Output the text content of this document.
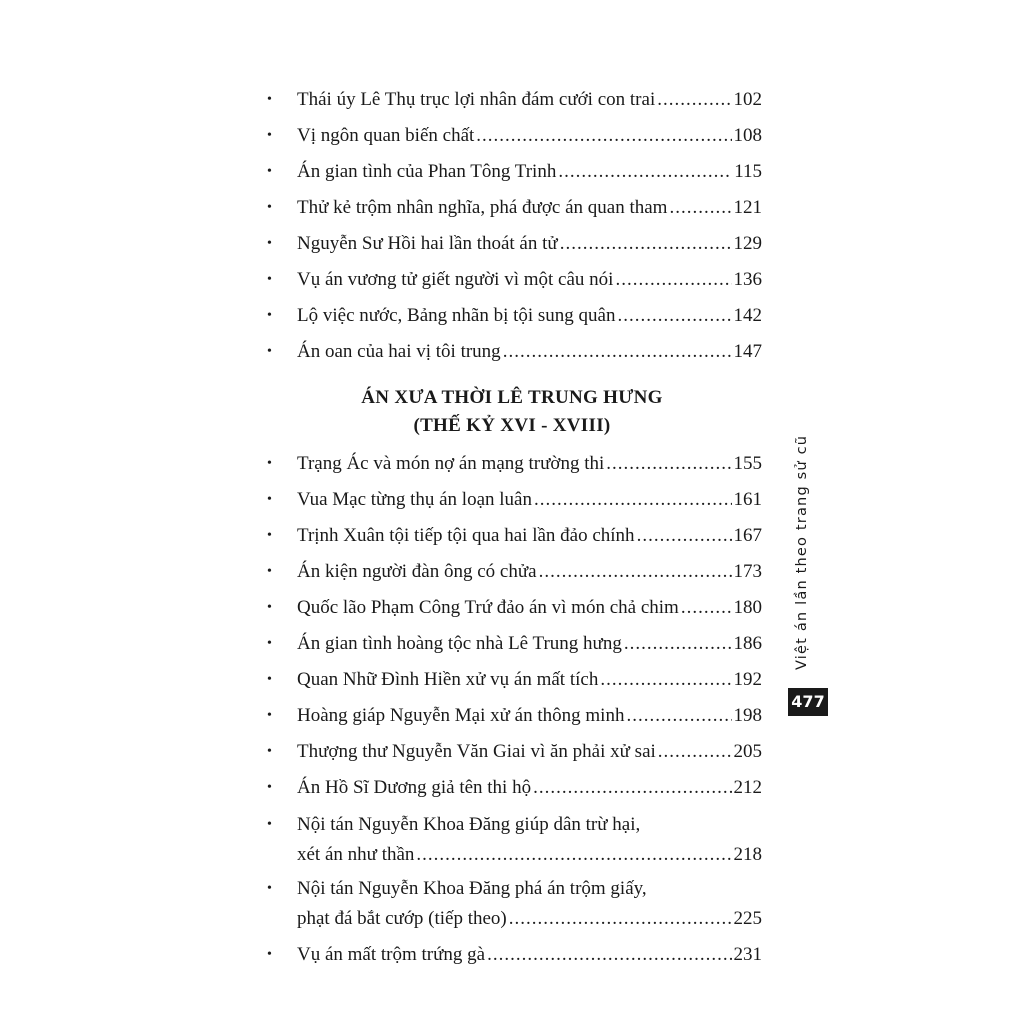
•	Thái úy Lê Thụ trục lợi nhân đám cưới con trai .....	102
•	Vị ngôn quan biến chất .....	108
•	Án gian tình của Phan Tông Trinh .....	115
•	Thử kẻ trộm nhân nghĩa, phá được án quan tham .....	121
•	Nguyễn Sư Hồi hai lần thoát án tử .....	129
•	Vụ án vương tử giết người vì một câu nói .....	136
•	Lộ việc nước, Bảng nhãn bị tội sung quân .....	142
•	Án oan của hai vị tôi trung .....	147
ÁN XƯA THỜI LÊ TRUNG HƯNG
(THẾ KỶ XVI - XVIII)
•	Trạng Ác và món nợ án mạng trường thi .....	155
•	Vua Mạc từng thụ án loạn luân .....	161
•	Trịnh Xuân tội tiếp tội qua hai lần đảo chính .....	167
•	Án kiện người đàn ông có chửa .....	173
•	Quốc lão Phạm Công Trứ đảo án vì món chả chim .....	180
•	Án gian tình hoàng tộc nhà Lê Trung hưng .....	186
•	Quan Nhữ Đình Hiền xử vụ án mất tích .....	192
•	Hoàng giáp Nguyễn Mại xử án thông minh .....	198
•	Thượng thư Nguyễn Văn Giai vì ăn phải xử sai .....	205
•	Án Hồ Sĩ Dương giả tên thi hộ .....	212
•	Nội tán Nguyễn Khoa Đăng giúp dân trừ hại,
xét án như thần .....	218
•	Nội tán Nguyễn Khoa Đăng phá án trộm giấy,
phạt đá bắt cướp (tiếp theo) .....	225
•	Vụ án mất trộm trứng gà .....	231
Việt án lần theo trang sử cũ
477
